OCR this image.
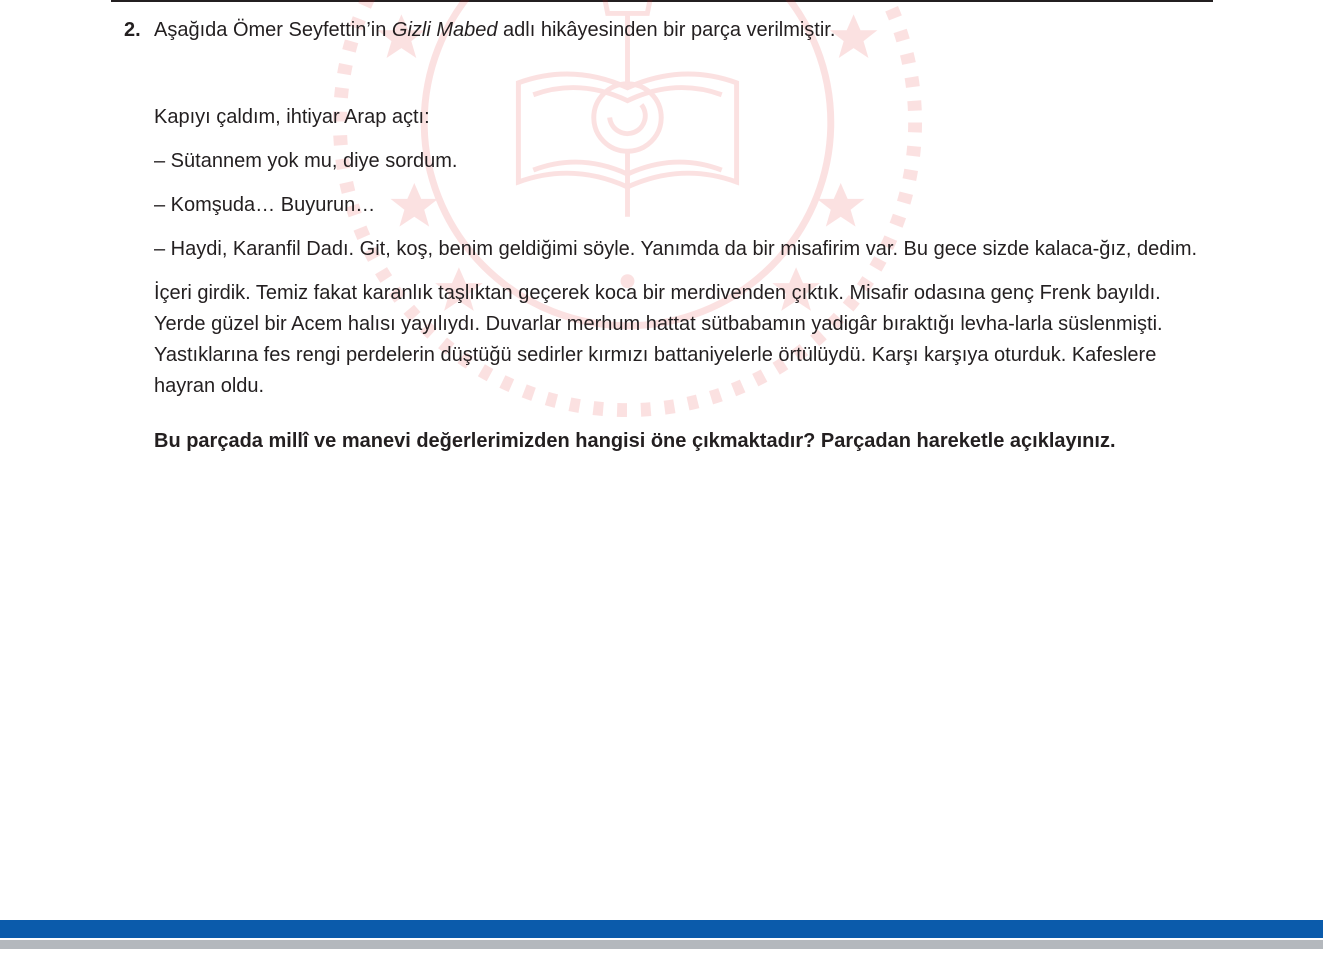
2. Aşağıda Ömer Seyfettin’in Gizli Mabed adlı hikâyesinden bir parça verilmiştir.

Kapıyı çaldım, ihtiyar Arap açtı:

– Sütannem yok mu, diye sordum.

– Komşuda… Buyurun…

– Haydi, Karanfil Dadı. Git, koş, benim geldiğimi söyle. Yanımda da bir misafirim var. Bu gece sizde kalaca-​ğız, dedim.

İçeri girdik. Temiz fakat karanlık taşlıktan geçerek koca bir merdivenden çıktık. Misafir odasına genç Frenk bayıldı. Yerde güzel bir Acem halısı yayılıydı. Duvarlar merhum hattat sütbabamın yadigâr bıraktığı levha-​larla süslenmişti. Yastıklarına fes rengi perdelerin düştüğü sedirler kırmızı battaniyelerle örtülüydü. Karşı karşıya oturduk. Kafeslere hayran oldu.

Bu parçada millî ve manevi değerlerimizden hangisi öne çıkmaktadır? Parçadan hareketle açıklayınız.
